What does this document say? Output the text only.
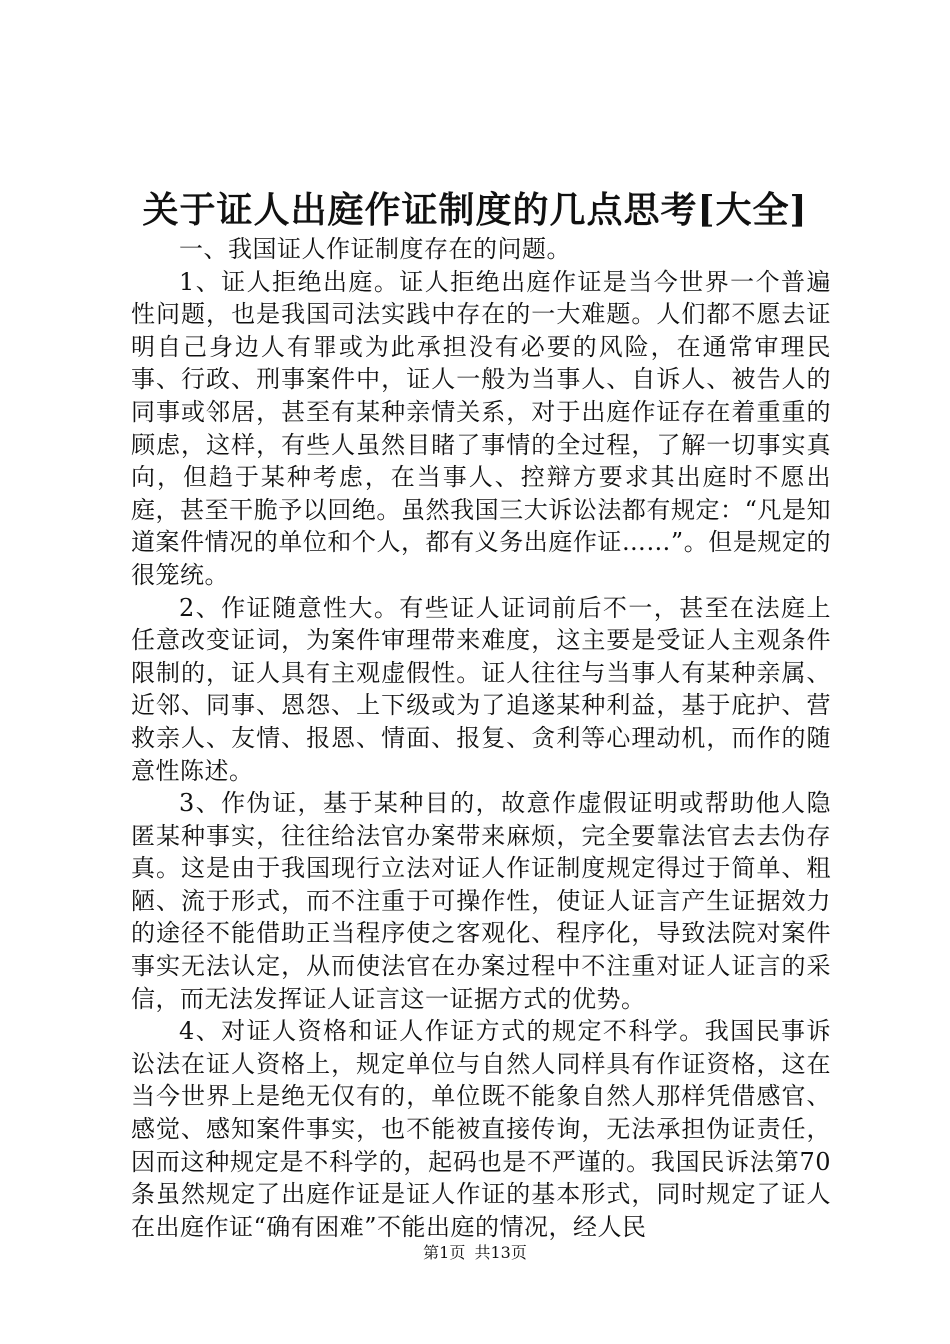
关于证人出庭作证制度的几点思考[大全]

一、我国证人作证制度存在的问题。

1、证人拒绝出庭。证人拒绝出庭作证是当今世界一个普遍性问题，也是我国司法实践中存在的一大难题。人们都不愿去证明自己身边人有罪或为此承担没有必要的风险，在通常审理民事、行政、刑事案件中，证人一般为当事人、自诉人、被告人的同事或邻居，甚至有某种亲情关系，对于出庭作证存在着重重的顾虑，这样，有些人虽然目睹了事情的全过程，了解一切事实真向，但趋于某种考虑，在当事人、控辩方要求其出庭时不愿出庭，甚至干脆予以回绝。虽然我国三大诉讼法都有规定：“凡是知道案件情况的单位和个人，都有义务出庭作证……”。但是规定的很笼统。

2、作证随意性大。有些证人证词前后不一，甚至在法庭上任意改变证词，为案件审理带来难度，这主要是受证人主观条件限制的，证人具有主观虚假性。证人往往与当事人有某种亲属、近邻、同事、恩怨、上下级或为了追遂某种利益，基于庇护、营救亲人、友情、报恩、情面、报复、贪利等心理动机，而作的随意性陈述。

3、作伪证，基于某种目的，故意作虚假证明或帮助他人隐匿某种事实，往往给法官办案带来麻烦，完全要靠法官去去伪存真。这是由于我国现行立法对证人作证制度规定得过于简单、粗陋、流于形式，而不注重于可操作性，使证人证言产生证据效力的途径不能借助正当程序使之客观化、程序化，导致法院对案件事实无法认定，从而使法官在办案过程中不注重对证人证言的采信，而无法发挥证人证言这一证据方式的优势。

4、对证人资格和证人作证方式的规定不科学。我国民事诉讼法在证人资格上，规定单位与自然人同样具有作证资格，这在当今世界上是绝无仅有的，单位既不能象自然人那样凭借感官、感觉、感知案件事实，也不能被直接传询，无法承担伪证责任，因而这种规定是不科学的，起码也是不严谨的。我国民诉法第70条虽然规定了出庭作证是证人作证的基本形式，同时规定了证人在出庭作证“确有困难”不能出庭的情况，经人民

第1页 共13页
